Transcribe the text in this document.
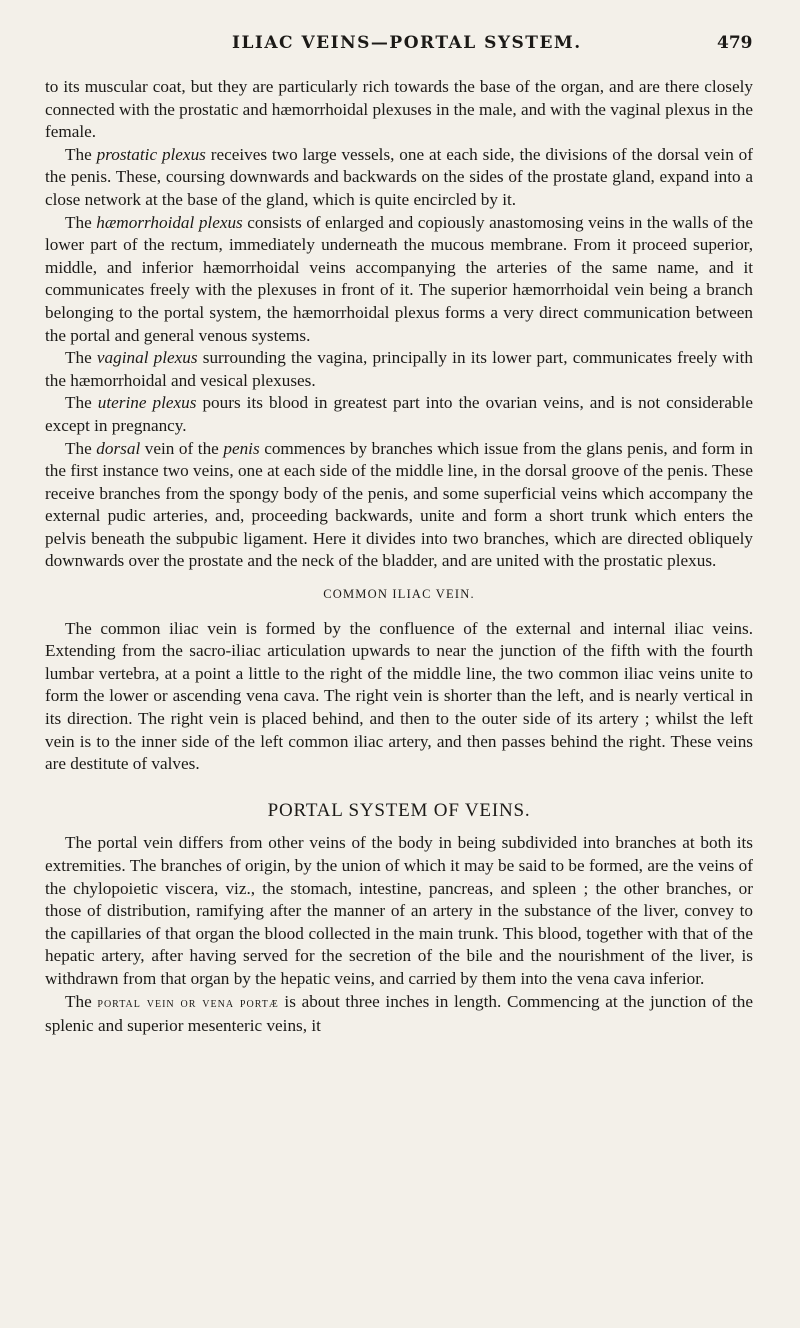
ILIAC VEINS—PORTAL SYSTEM.	479

to its muscular coat, but they are particularly rich towards the base of the organ, and are there closely connected with the prostatic and hæmorrhoidal plexuses in the male, and with the vaginal plexus in the female.

The prostatic plexus receives two large vessels, one at each side, the divisions of the dorsal vein of the penis. These, coursing downwards and backwards on the sides of the prostate gland, expand into a close network at the base of the gland, which is quite encircled by it.

The hæmorrhoidal plexus consists of enlarged and copiously anastomosing veins in the walls of the lower part of the rectum, immediately underneath the mucous membrane. From it proceed superior, middle, and inferior hæmorrhoidal veins accompanying the arteries of the same name, and it communicates freely with the plexuses in front of it. The superior hæmorrhoidal vein being a branch belonging to the portal system, the hæmorrhoidal plexus forms a very direct communication between the portal and general venous systems.

The vaginal plexus surrounding the vagina, principally in its lower part, communicates freely with the hæmorrhoidal and vesical plexuses.

The uterine plexus pours its blood in greatest part into the ovarian veins, and is not considerable except in pregnancy.

The dorsal vein of the penis commences by branches which issue from the glans penis, and form in the first instance two veins, one at each side of the middle line, in the dorsal groove of the penis. These receive branches from the spongy body of the penis, and some superficial veins which accompany the external pudic arteries, and, proceeding backwards, unite and form a short trunk which enters the pelvis beneath the subpubic ligament. Here it divides into two branches, which are directed obliquely downwards over the prostate and the neck of the bladder, and are united with the prostatic plexus.

COMMON ILIAC VEIN.

The common iliac vein is formed by the confluence of the external and internal iliac veins. Extending from the sacro-iliac articulation upwards to near the junction of the fifth with the fourth lumbar vertebra, at a point a little to the right of the middle line, the two common iliac veins unite to form the lower or ascending vena cava. The right vein is shorter than the left, and is nearly vertical in its direction. The right vein is placed behind, and then to the outer side of its artery ; whilst the left vein is to the inner side of the left common iliac artery, and then passes behind the right. These veins are destitute of valves.

PORTAL SYSTEM OF VEINS.

The portal vein differs from other veins of the body in being subdivided into branches at both its extremities. The branches of origin, by the union of which it may be said to be formed, are the veins of the chylopoietic viscera, viz., the stomach, intestine, pancreas, and spleen ; the other branches, or those of distribution, ramifying after the manner of an artery in the substance of the liver, convey to the capillaries of that organ the blood collected in the main trunk. This blood, together with that of the hepatic artery, after having served for the secretion of the bile and the nourishment of the liver, is withdrawn from that organ by the hepatic veins, and carried by them into the vena cava inferior.

The portal vein or vena portæ is about three inches in length. Commencing at the junction of the splenic and superior mesenteric veins, it
